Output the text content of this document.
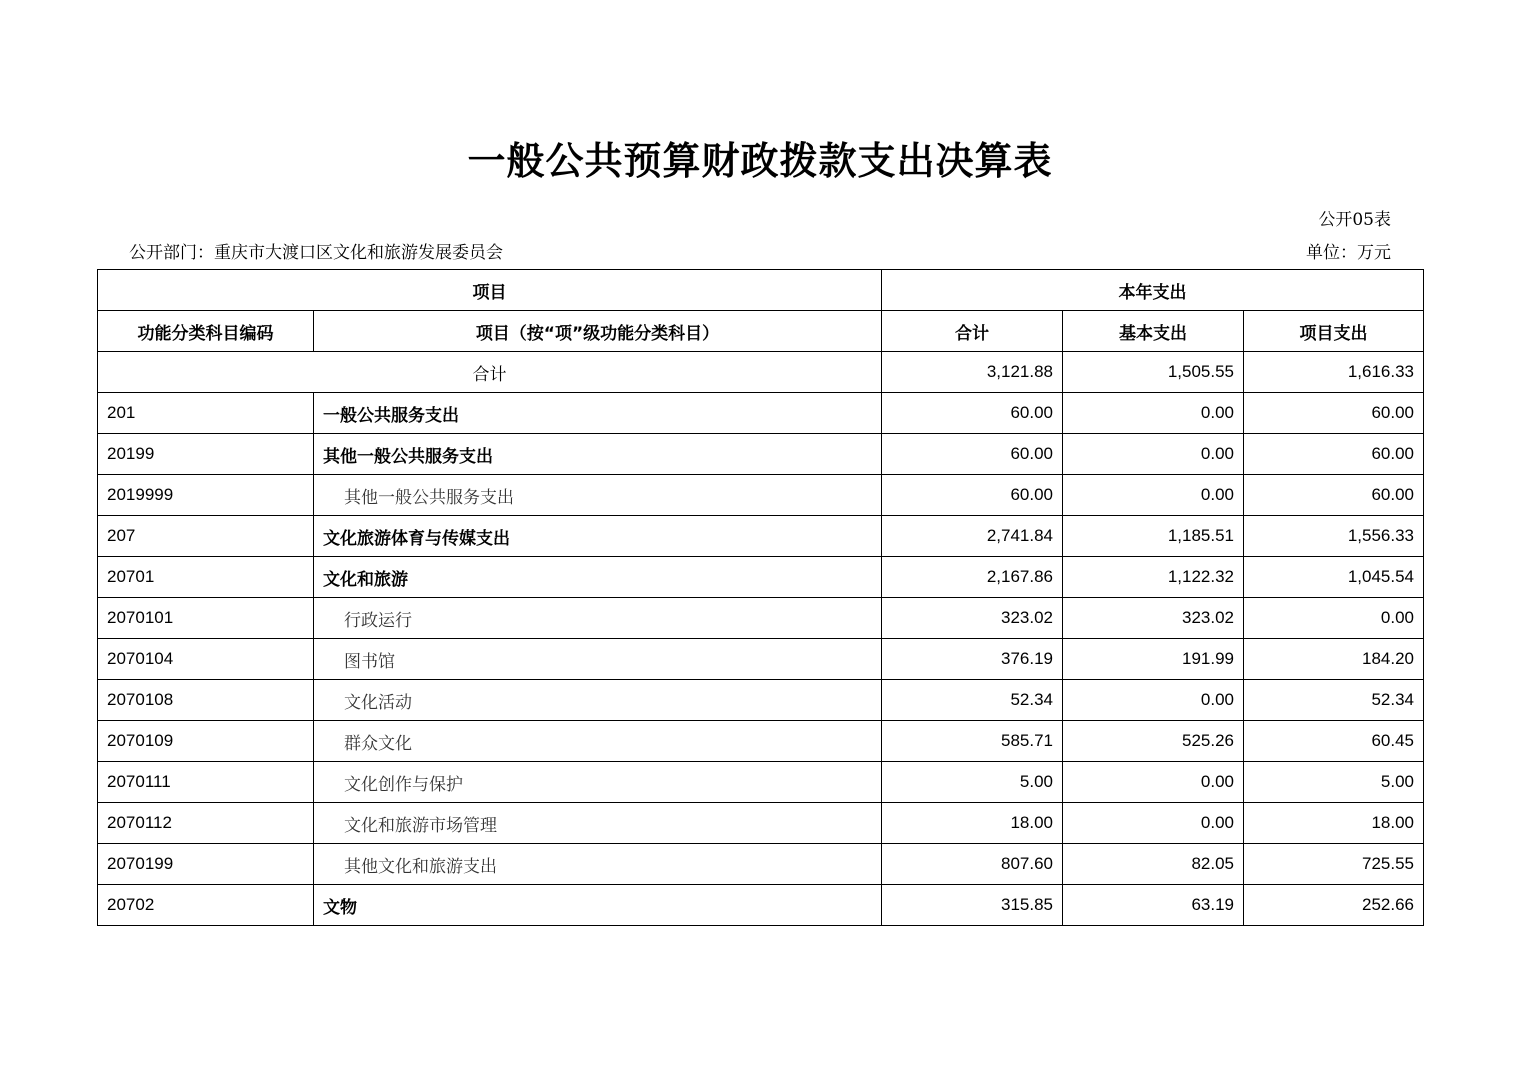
一般公共预算财政拨款支出决算表
公开05表
公开部门：重庆市大渡口区文化和旅游发展委员会	单位：万元
项目		本年支出		
功能分类科目编码	项目（按“项”级功能分类科目）	合计	基本支出	项目支出
合计		3,121.88	1,505.55	1,616.33
201	一般公共服务支出	60.00	0.00	60.00
20199	其他一般公共服务支出	60.00	0.00	60.00
2019999	其他一般公共服务支出	60.00	0.00	60.00
207	文化旅游体育与传媒支出	2,741.84	1,185.51	1,556.33
20701	文化和旅游	2,167.86	1,122.32	1,045.54
2070101	行政运行	323.02	323.02	0.00
2070104	图书馆	376.19	191.99	184.20
2070108	文化活动	52.34	0.00	52.34
2070109	群众文化	585.71	525.26	60.45
2070111	文化创作与保护	5.00	0.00	5.00
2070112	文化和旅游市场管理	18.00	0.00	18.00
2070199	其他文化和旅游支出	807.60	82.05	725.55
20702	文物	315.85	63.19	252.66
